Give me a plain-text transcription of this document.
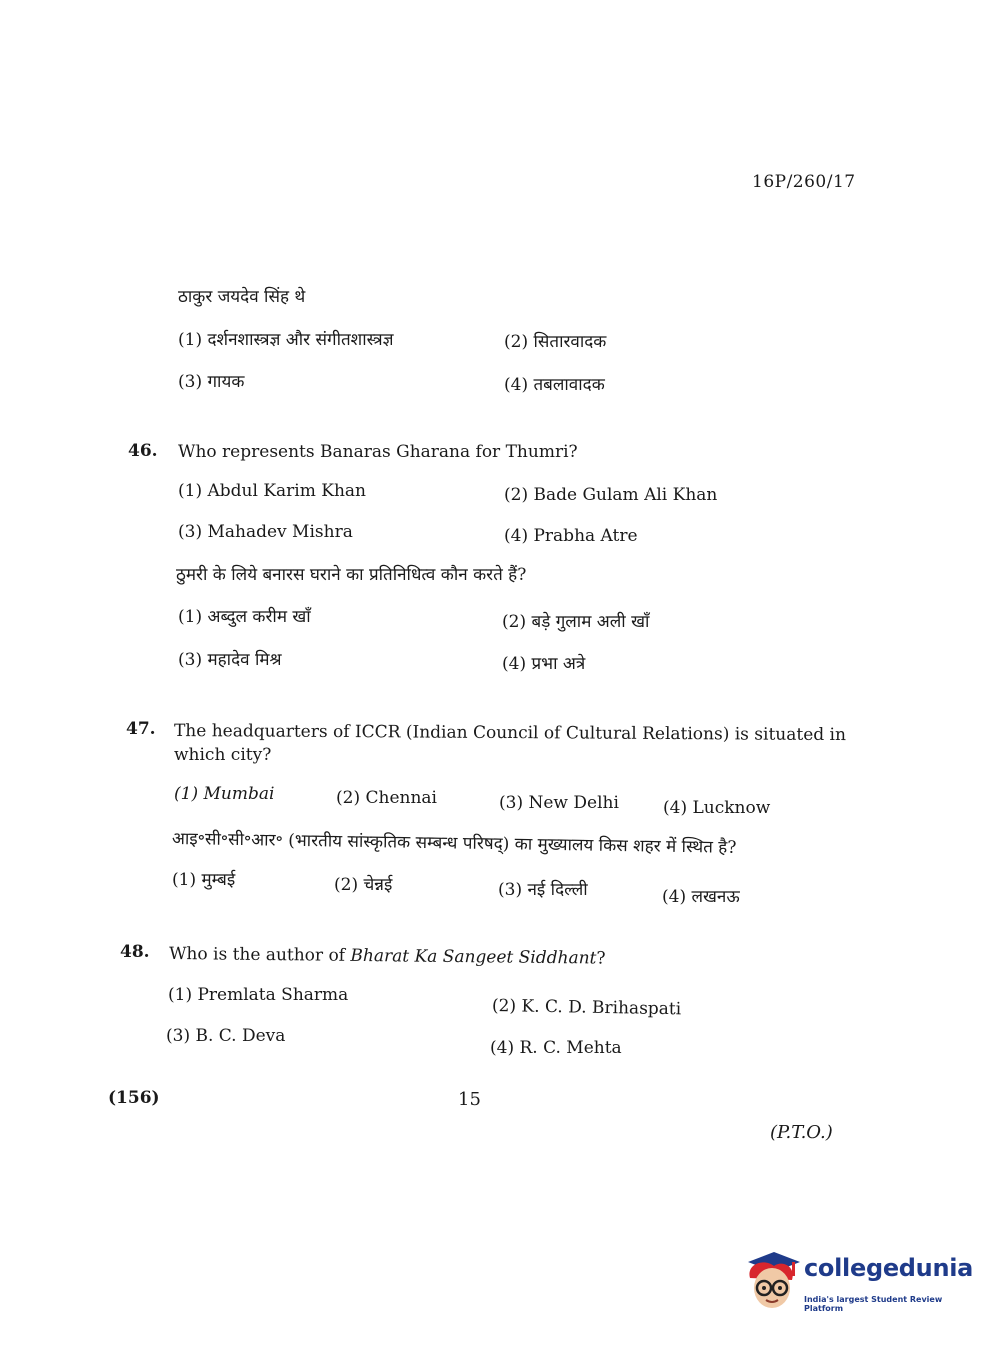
16P/260/17
ठाकुर जयदेव सिंह थे
(1) दर्शनशास्त्रज्ञ और संगीतशास्त्रज्ञ	(2) सितारवादक
(3) गायक	(4) तबलावादक
46. Who represents Banaras Gharana for Thumri?
(1) Abdul Karim Khan	(2) Bade Gulam Ali Khan
(3) Mahadev Mishra	(4) Prabha Atre
ठुमरी के लिये बनारस घराने का प्रतिनिधित्व कौन करते हैं?
(1) अब्दुल करीम खाँ	(2) बड़े गुलाम अली खाँ
(3) महादेव मिश्र	(4) प्रभा अत्रे
47. The headquarters of ICCR (Indian Council of Cultural Relations) is situated in
which city?
(1) Mumbai	(2) Chennai	(3) New Delhi	(4) Lucknow
आइ॰सी॰सी॰आर॰ (भारतीय सांस्कृतिक सम्बन्ध परिषद्) का मुख्यालय किस शहर में स्थित है?
(1) मुम्बई	(2) चेन्नई	(3) नई दिल्ली	(4) लखनऊ
48. Who is the author of Bharat Ka Sangeet Siddhant?
(1) Premlata Sharma
(2) K. C. D. Brihaspati
(3) B. C. Deva
(4) R. C. Mehta
(156)	15
(P.T.O.)
collegedunia
India's largest Student Review Platform
